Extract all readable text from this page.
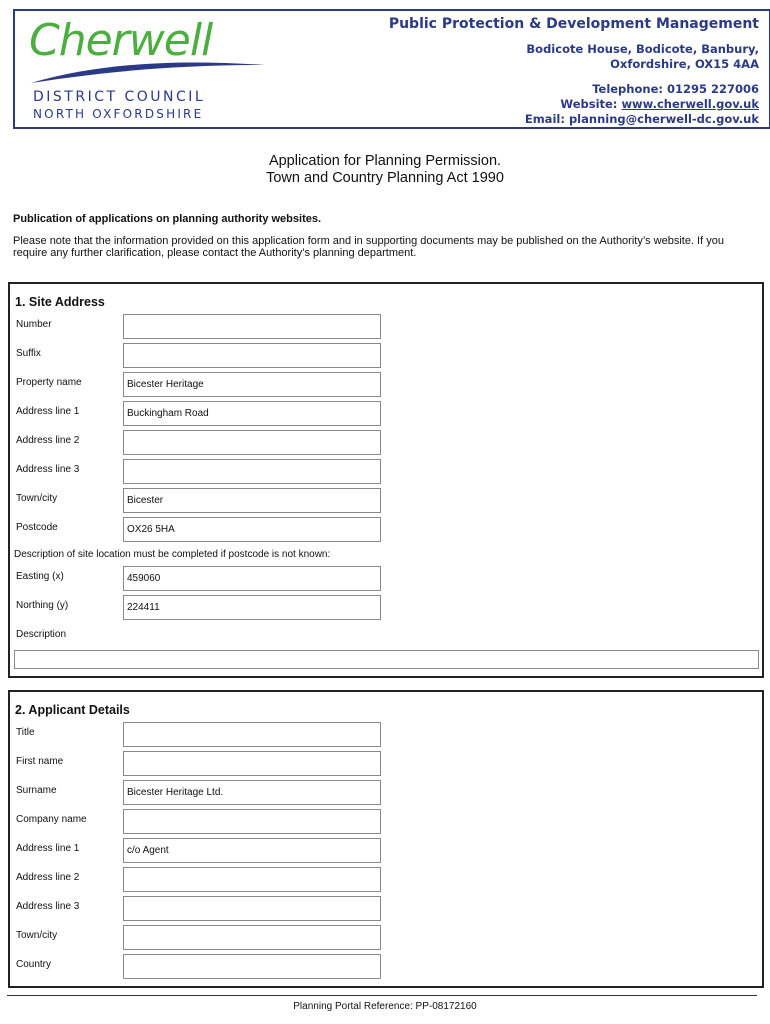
Cherwell
DISTRICT COUNCIL
NORTH OXFORDSHIRE
Public Protection & Development Management
Bodicote House, Bodicote, Banbury,
Oxfordshire, OX15 4AA
Telephone: 01295 227006
Website: www.cherwell.gov.uk
Email: planning@cherwell-dc.gov.uk
Application for Planning Permission.
Town and Country Planning Act 1990
Publication of applications on planning authority websites.
Please note that the information provided on this application form and in supporting documents may be published on the Authority’s website. If you require any further clarification, please contact the Authority’s planning department.
1. Site Address
Number
Suffix
Property name	Bicester Heritage
Address line 1	Buckingham Road
Address line 2
Address line 3
Town/city	Bicester
Postcode	OX26 5HA
Description of site location must be completed if postcode is not known:
Easting (x)	459060
Northing (y)	224411
Description
2. Applicant Details
Title
First name
Surname	Bicester Heritage Ltd.
Company name
Address line 1	c/o Agent
Address line 2
Address line 3
Town/city
Country
Planning Portal Reference: PP-08172160
